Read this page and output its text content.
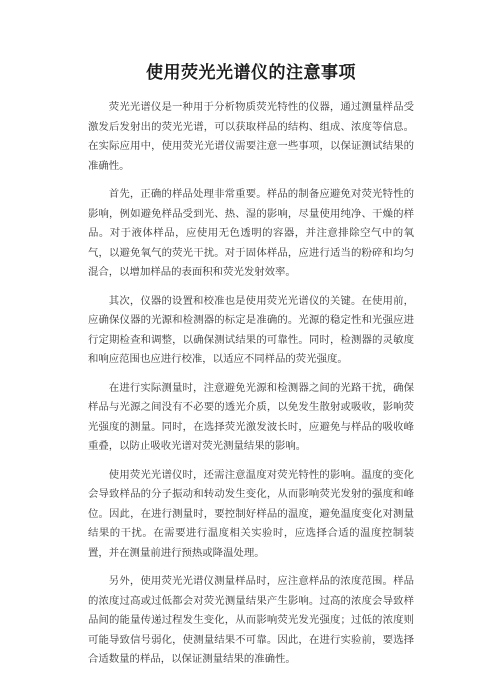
使用荧光光谱仪的注意事项

荧光光谱仪是一种用于分析物质荧光特性的仪器，通过测量样品受激发后发射出的荧光光谱，可以获取样品的结构、组成、浓度等信息。在实际应用中，使用荧光光谱仪需要注意一些事项，以保证测试结果的准确性。

首先，正确的样品处理非常重要。样品的制备应避免对荧光特性的影响，例如避免样品受到光、热、湿的影响，尽量使用纯净、干燥的样品。对于液体样品，应使用无色透明的容器，并注意排除空气中的氧气，以避免氧气的荧光干扰。对于固体样品，应进行适当的粉碎和均匀混合，以增加样品的表面积和荧光发射效率。

其次，仪器的设置和校准也是使用荧光光谱仪的关键。在使用前，应确保仪器的光源和检测器的标定是准确的。光源的稳定性和光强应进行定期检查和调整，以确保测试结果的可靠性。同时，检测器的灵敏度和响应范围也应进行校准，以适应不同样品的荧光强度。

在进行实际测量时，注意避免光源和检测器之间的光路干扰，确保样品与光源之间没有不必要的透光介质，以免发生散射或吸收，影响荧光强度的测量。同时，在选择荧光激发波长时，应避免与样品的吸收峰重叠，以防止吸收光谱对荧光测量结果的影响。

使用荧光光谱仪时，还需注意温度对荧光特性的影响。温度的变化会导致样品的分子振动和转动发生变化，从而影响荧光发射的强度和峰位。因此，在进行测量时，要控制好样品的温度，避免温度变化对测量结果的干扰。在需要进行温度相关实验时，应选择合适的温度控制装置，并在测量前进行预热或降温处理。

另外，使用荧光光谱仪测量样品时，应注意样品的浓度范围。样品的浓度过高或过低都会对荧光测量结果产生影响。过高的浓度会导致样品间的能量传递过程发生变化，从而影响荧光发光强度；过低的浓度则可能导致信号弱化，使测量结果不可靠。因此，在进行实验前，要选择合适数量的样品，以保证测量结果的准确性。
